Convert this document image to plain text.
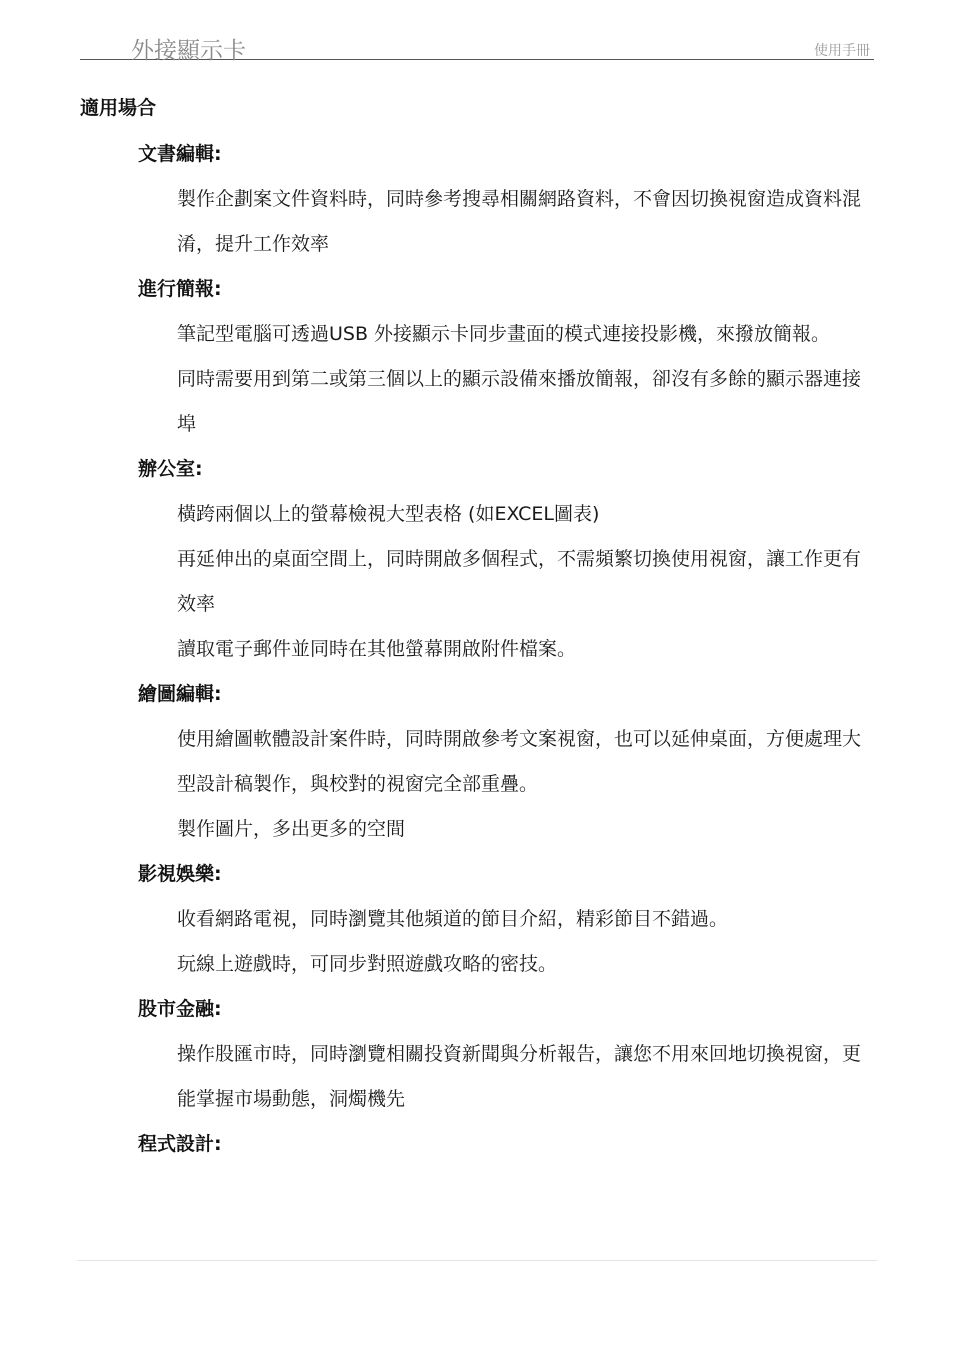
外接顯示卡	使用手冊
適用場合
文書編輯:
製作企劃案文件資料時，同時參考搜尋相關網路資料，不會因切換視窗造成資料混淆，提升工作效率
進行簡報:
筆記型電腦可透過USB 外接顯示卡同步畫面的模式連接投影機，來撥放簡報。
同時需要用到第二或第三個以上的顯示設備來播放簡報，卻沒有多餘的顯示器連接埠
辦公室:
橫跨兩個以上的螢幕檢視大型表格 (如EXCEL圖表)
再延伸出的桌面空間上，同時開啟多個程式，不需頻繁切換使用視窗，讓工作更有效率
讀取電子郵件並同時在其他螢幕開啟附件檔案。
繪圖編輯:
使用繪圖軟體設計案件時，同時開啟參考文案視窗，也可以延伸桌面，方便處理大型設計稿製作，與校對的視窗完全部重疊。
製作圖片，多出更多的空間
影視娛樂:
收看網路電視，同時瀏覽其他頻道的節目介紹，精彩節目不錯過。
玩線上遊戲時，可同步對照遊戲攻略的密技。
股市金融:
操作股匯市時，同時瀏覽相關投資新聞與分析報告，讓您不用來回地切換視窗，更能掌握市場動態，洞燭機先
程式設計:
